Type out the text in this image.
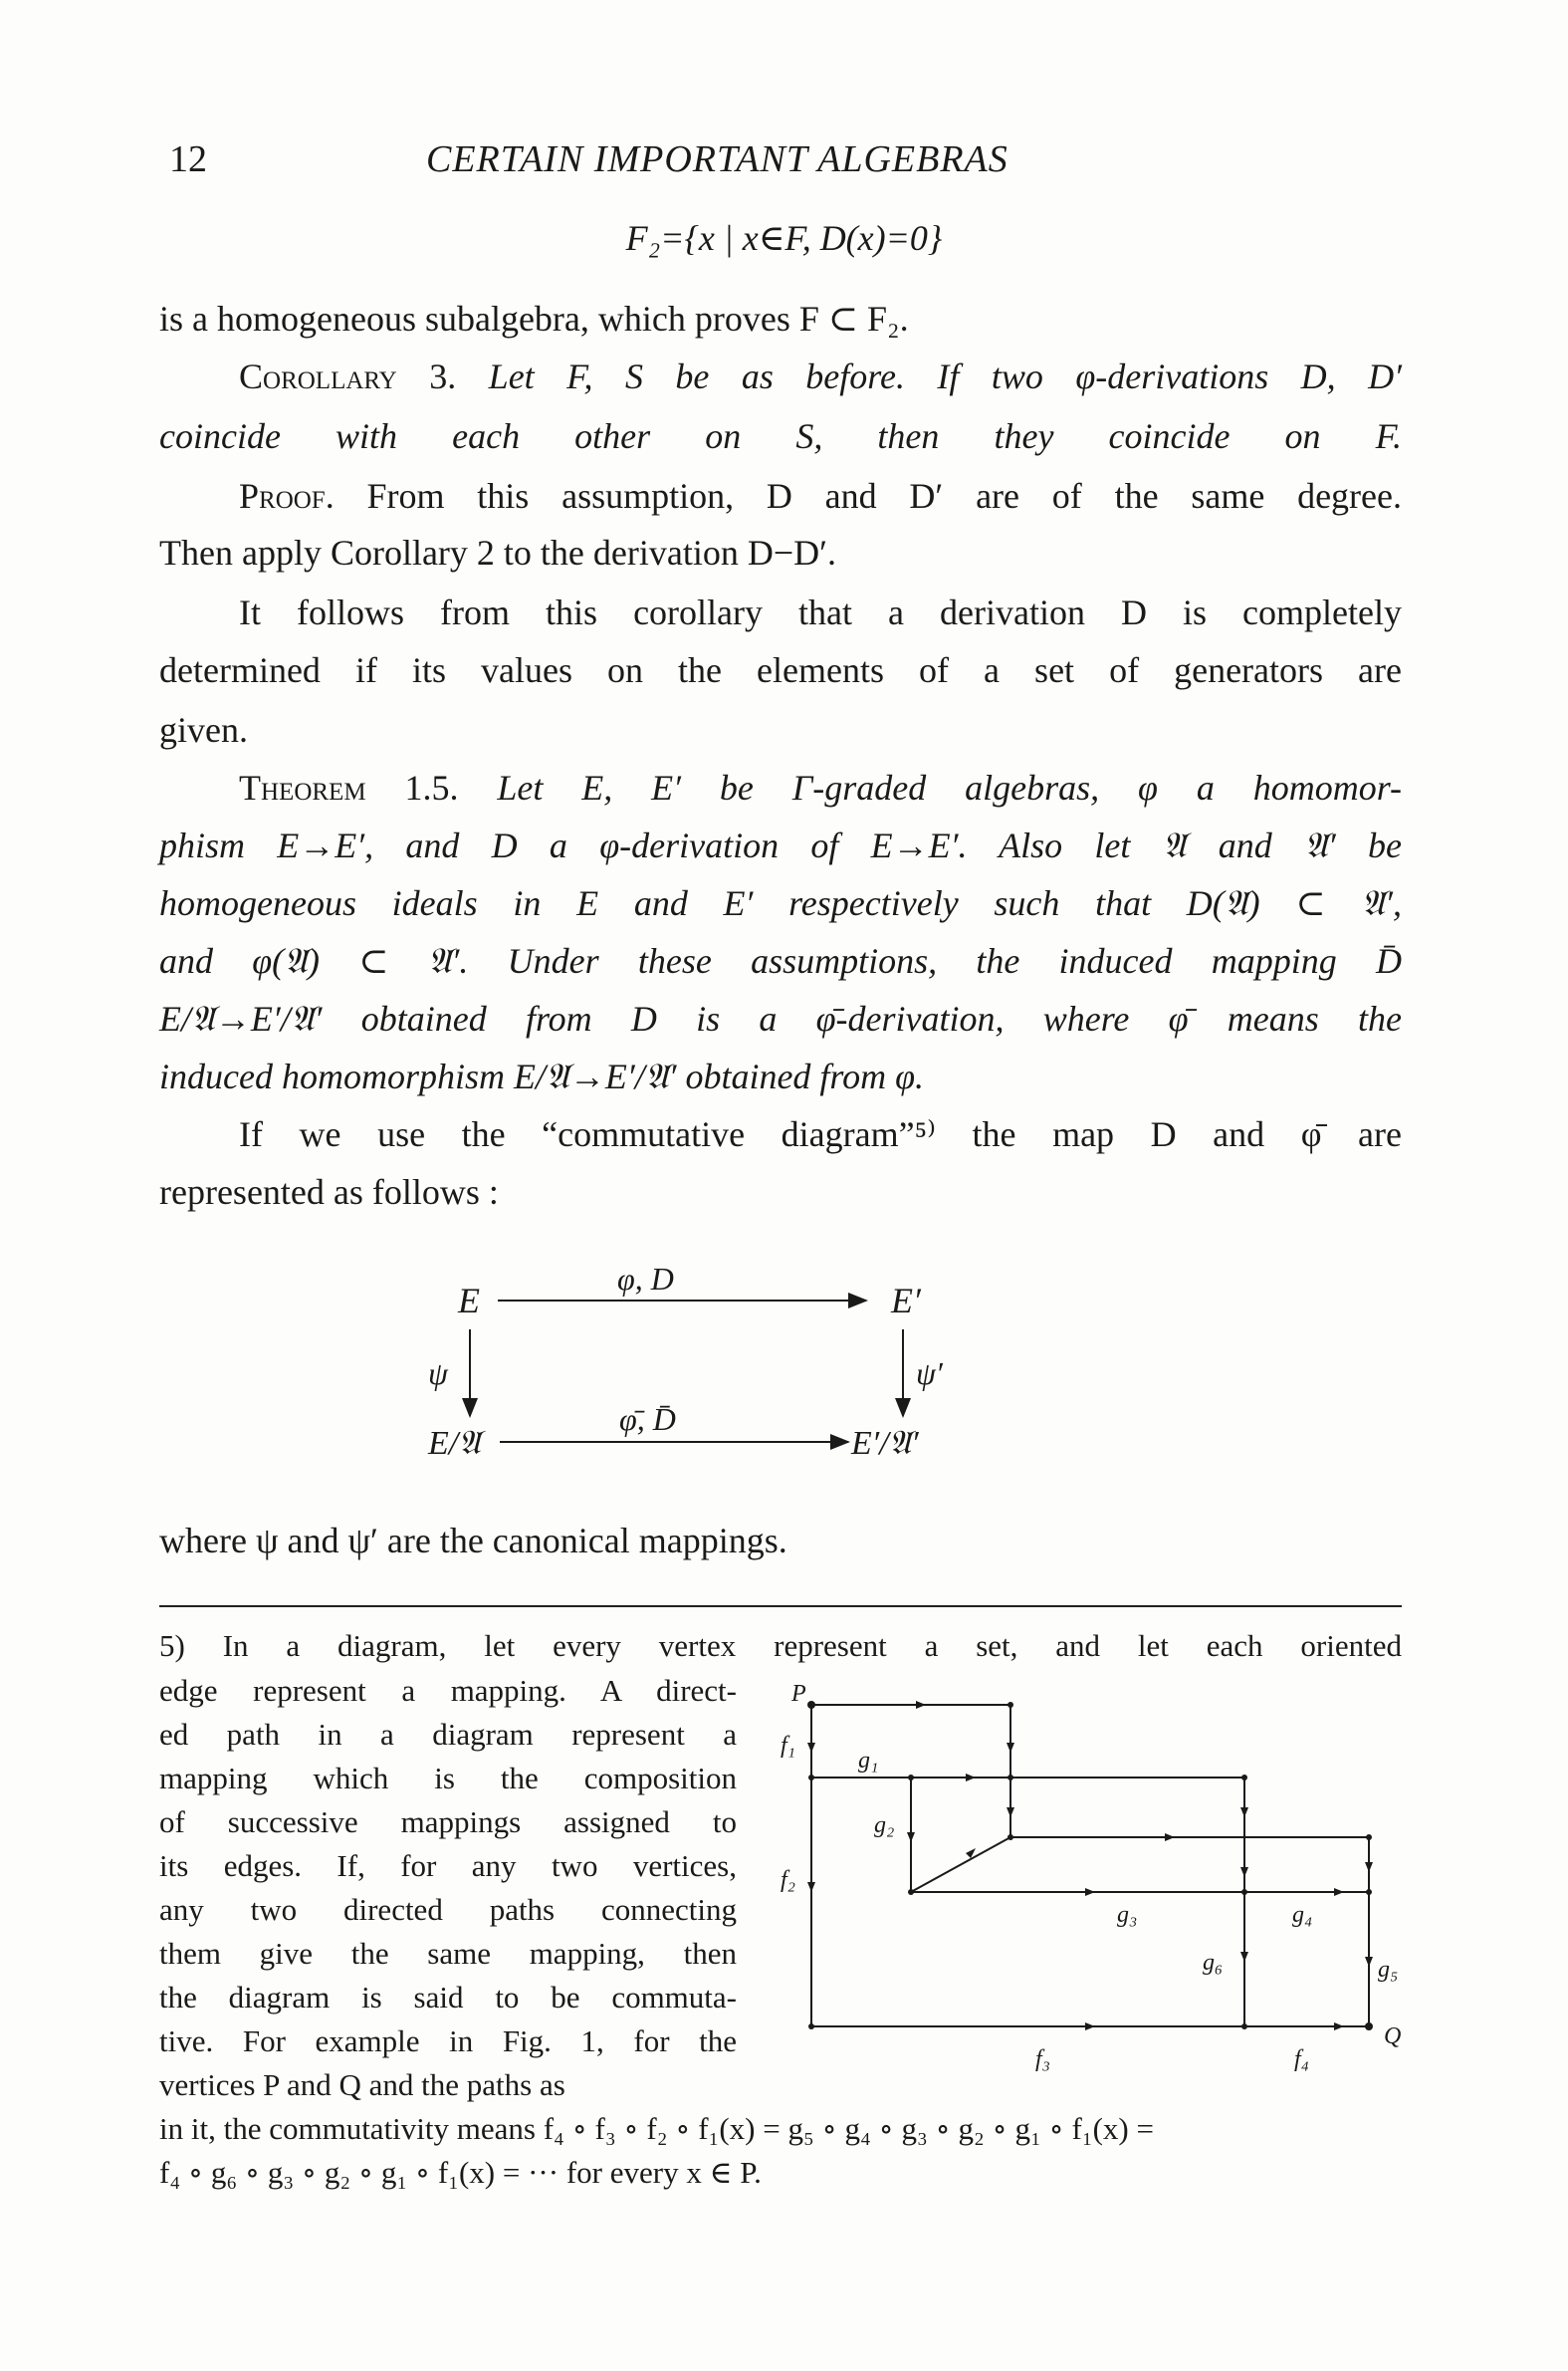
12	CERTAIN IMPORTANT ALGEBRAS
F₂={x | x∈F, D(x)=0}
is a homogeneous subalgebra, which proves F ⊂ F₂.
Corollary 3. Let F, S be as before. If two φ-derivations D, D′
coincide with each other on S, then they coincide on F.
Proof. From this assumption, D and D′ are of the same degree.
Then apply Corollary 2 to the derivation D−D′.
It follows from this corollary that a derivation D is completely
determined if its values on the elements of a set of generators are
given.
Theorem 1.5. Let E, E′ be Γ-graded algebras, φ a homomor-
phism E→E′, and D a φ-derivation of E→E′. Also let 𝔄 and 𝔄′ be
homogeneous ideals in E and E′ respectively such that D(𝔄) ⊂ 𝔄′,
and φ(𝔄) ⊂ 𝔄′. Under these assumptions, the induced mapping D̄
E/𝔄→E′/𝔄′ obtained from D is a φ̄-derivation, where φ̄ means the
induced homomorphism E/𝔄→E′/𝔄′ obtained from φ.
If we use the “commutative diagram”⁵⁾ the map D and φ̄ are
represented as follows :
E	E′
E/𝔄	E′/𝔄′
φ, D
φ̄, D̄
ψ	ψ′
where ψ and ψ′ are the canonical mappings.
5) In a diagram, let every vertex represent a set, and let each oriented
edge represent a mapping. A direct-
ed path in a diagram represent a
mapping which is the composition
of successive mappings assigned to
its edges. If, for any two vertices,
any two directed paths connecting
them give the same mapping, then
the diagram is said to be commuta-
tive. For example in Fig. 1, for the
vertices P and Q and the paths as
in it, the commutativity means f₄ ∘ f₃ ∘ f₂ ∘ f₁(x) = g₅ ∘ g₄ ∘ g₃ ∘ g₂ ∘ g₁ ∘ f₁(x) =
f₄ ∘ g₆ ∘ g₃ ∘ g₂ ∘ g₁ ∘ f₁(x) = ··· for every x ∈ P.
P
Q
f₁
f₂
f₃	f₄
g₁
g₂
g₃	g₄
g₅
g₆
